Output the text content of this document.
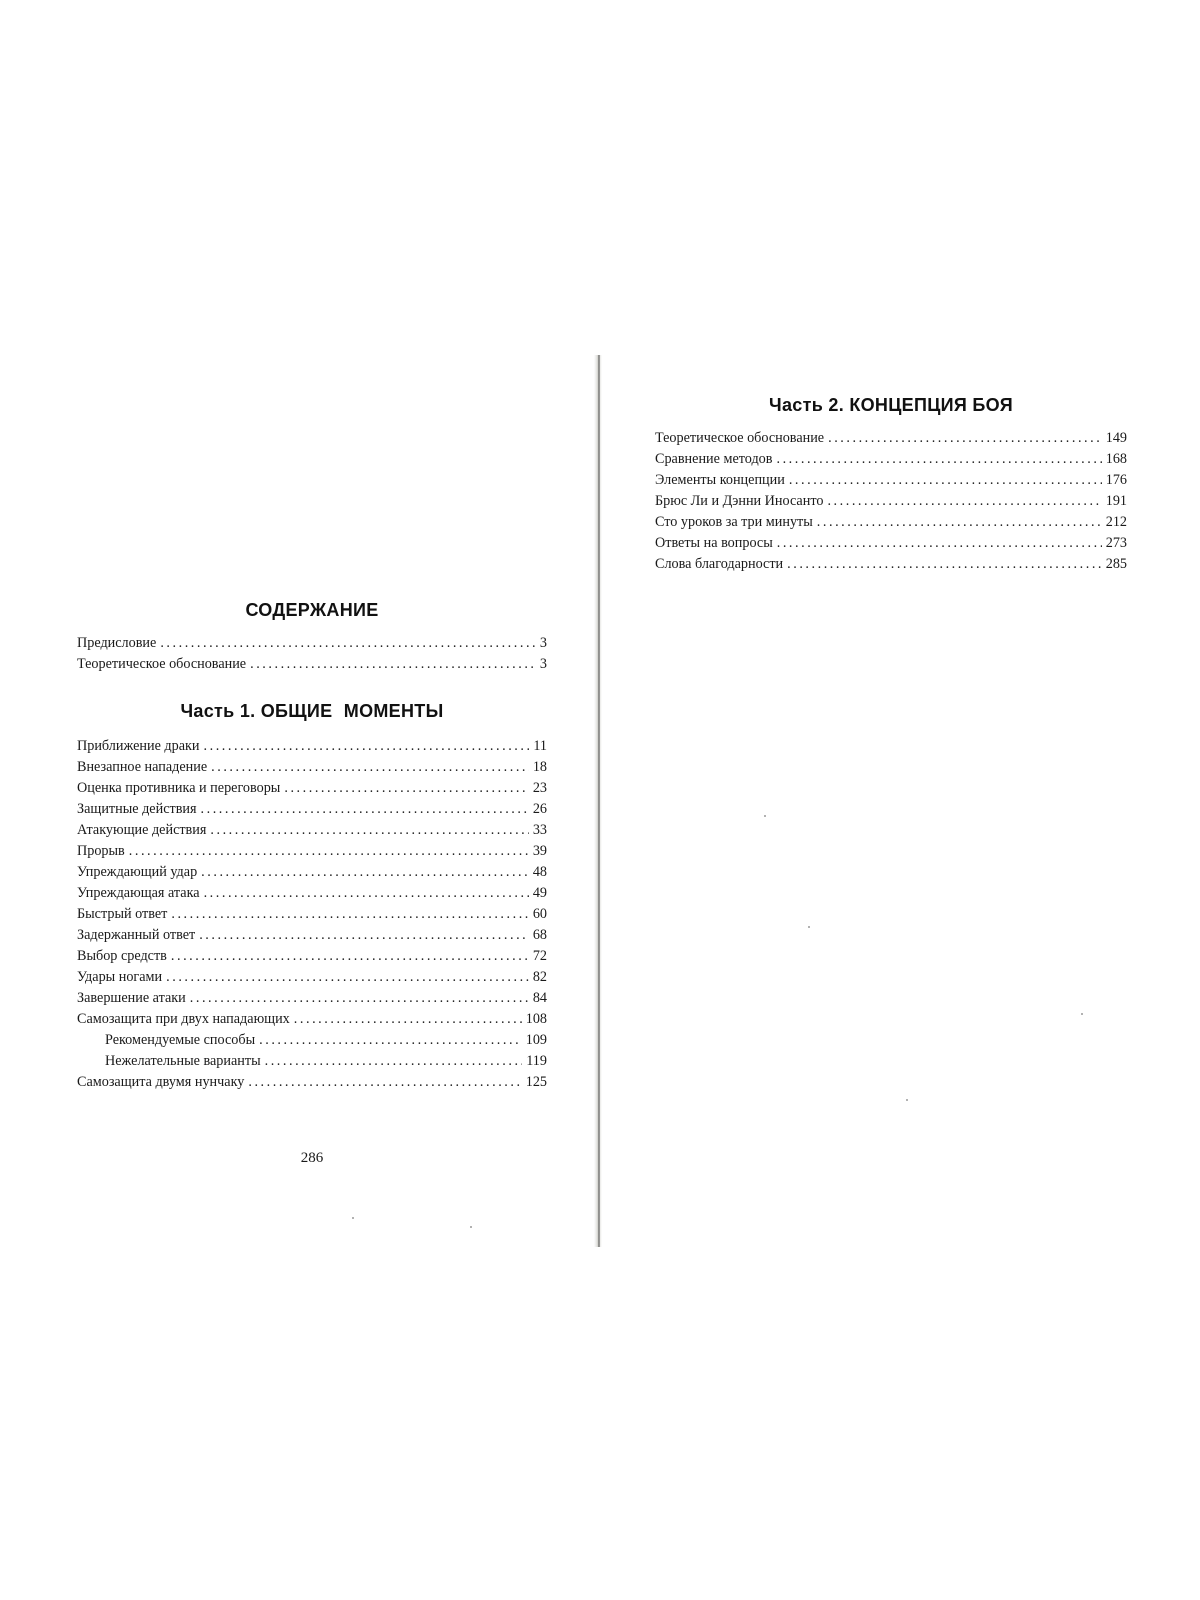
СОДЕРЖАНИЕ
Предисловие . . .	3
Теоретическое обоснование . . .	3
Часть 1. ОБЩИЕ МОМЕНТЫ
Приближение драки . . .	11
Внезапное нападение . . .	18
Оценка противника и переговоры . . .	23
Защитные действия . . .	26
Атакующие действия . . .	33
Прорыв . . .	39
Упреждающий удар . . .	48
Упреждающая атака . . .	49
Быстрый ответ . . .	60
Задержанный ответ . . .	68
Выбор средств . . .	72
Удары ногами . . .	82
Завершение атаки . . .	84
Самозащита при двух нападающих . . .	108
Рекомендуемые способы . . .	109
Нежелательные варианты . . .	119
Самозащита двумя нунчаку . . .	125
286
Часть 2. КОНЦЕПЦИЯ БОЯ
Теоретическое обоснование . . .	149
Сравнение методов . . .	168
Элементы концепции . . .	176
Брюс Ли и Дэнни Иносанто . . .	191
Сто уроков за три минуты . . .	212
Ответы на вопросы . . .	273
Слова благодарности . . .	285
